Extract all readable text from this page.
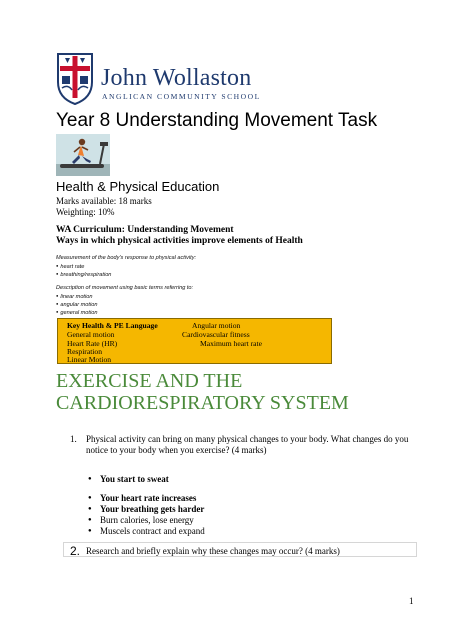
John Wollaston
ANGLICAN COMMUNITY SCHOOL
Year 8 Understanding Movement Task
Health & Physical Education
Marks available: 18 marks
Weighting: 10%
WA Curriculum: Understanding Movement
Ways in which physical activities improve elements of Health
Measurement of the body's response to physical activity:
● heart rate
● breathing/respiration
Description of movement using basic terms referring to:
● linear motion
● angular motion
● general motion
Key Health & PE Language
General motion
Heart Rate (HR)
Respiration
Linear Motion
Angular motion
Cardiovascular fitness
Maximum heart rate
EXERCISE AND THE CARDIORESPIRATORY SYSTEM
1. Physical activity can bring on many physical changes to your body. What changes do you notice to your body when you exercise? (4 marks)
● You start to sweat
● Your heart rate increases
● Your breathing gets harder
● Burn calories, lose energy
● Muscels contract and expand
2. Research and briefly explain why these changes may occur? (4 marks)
1
